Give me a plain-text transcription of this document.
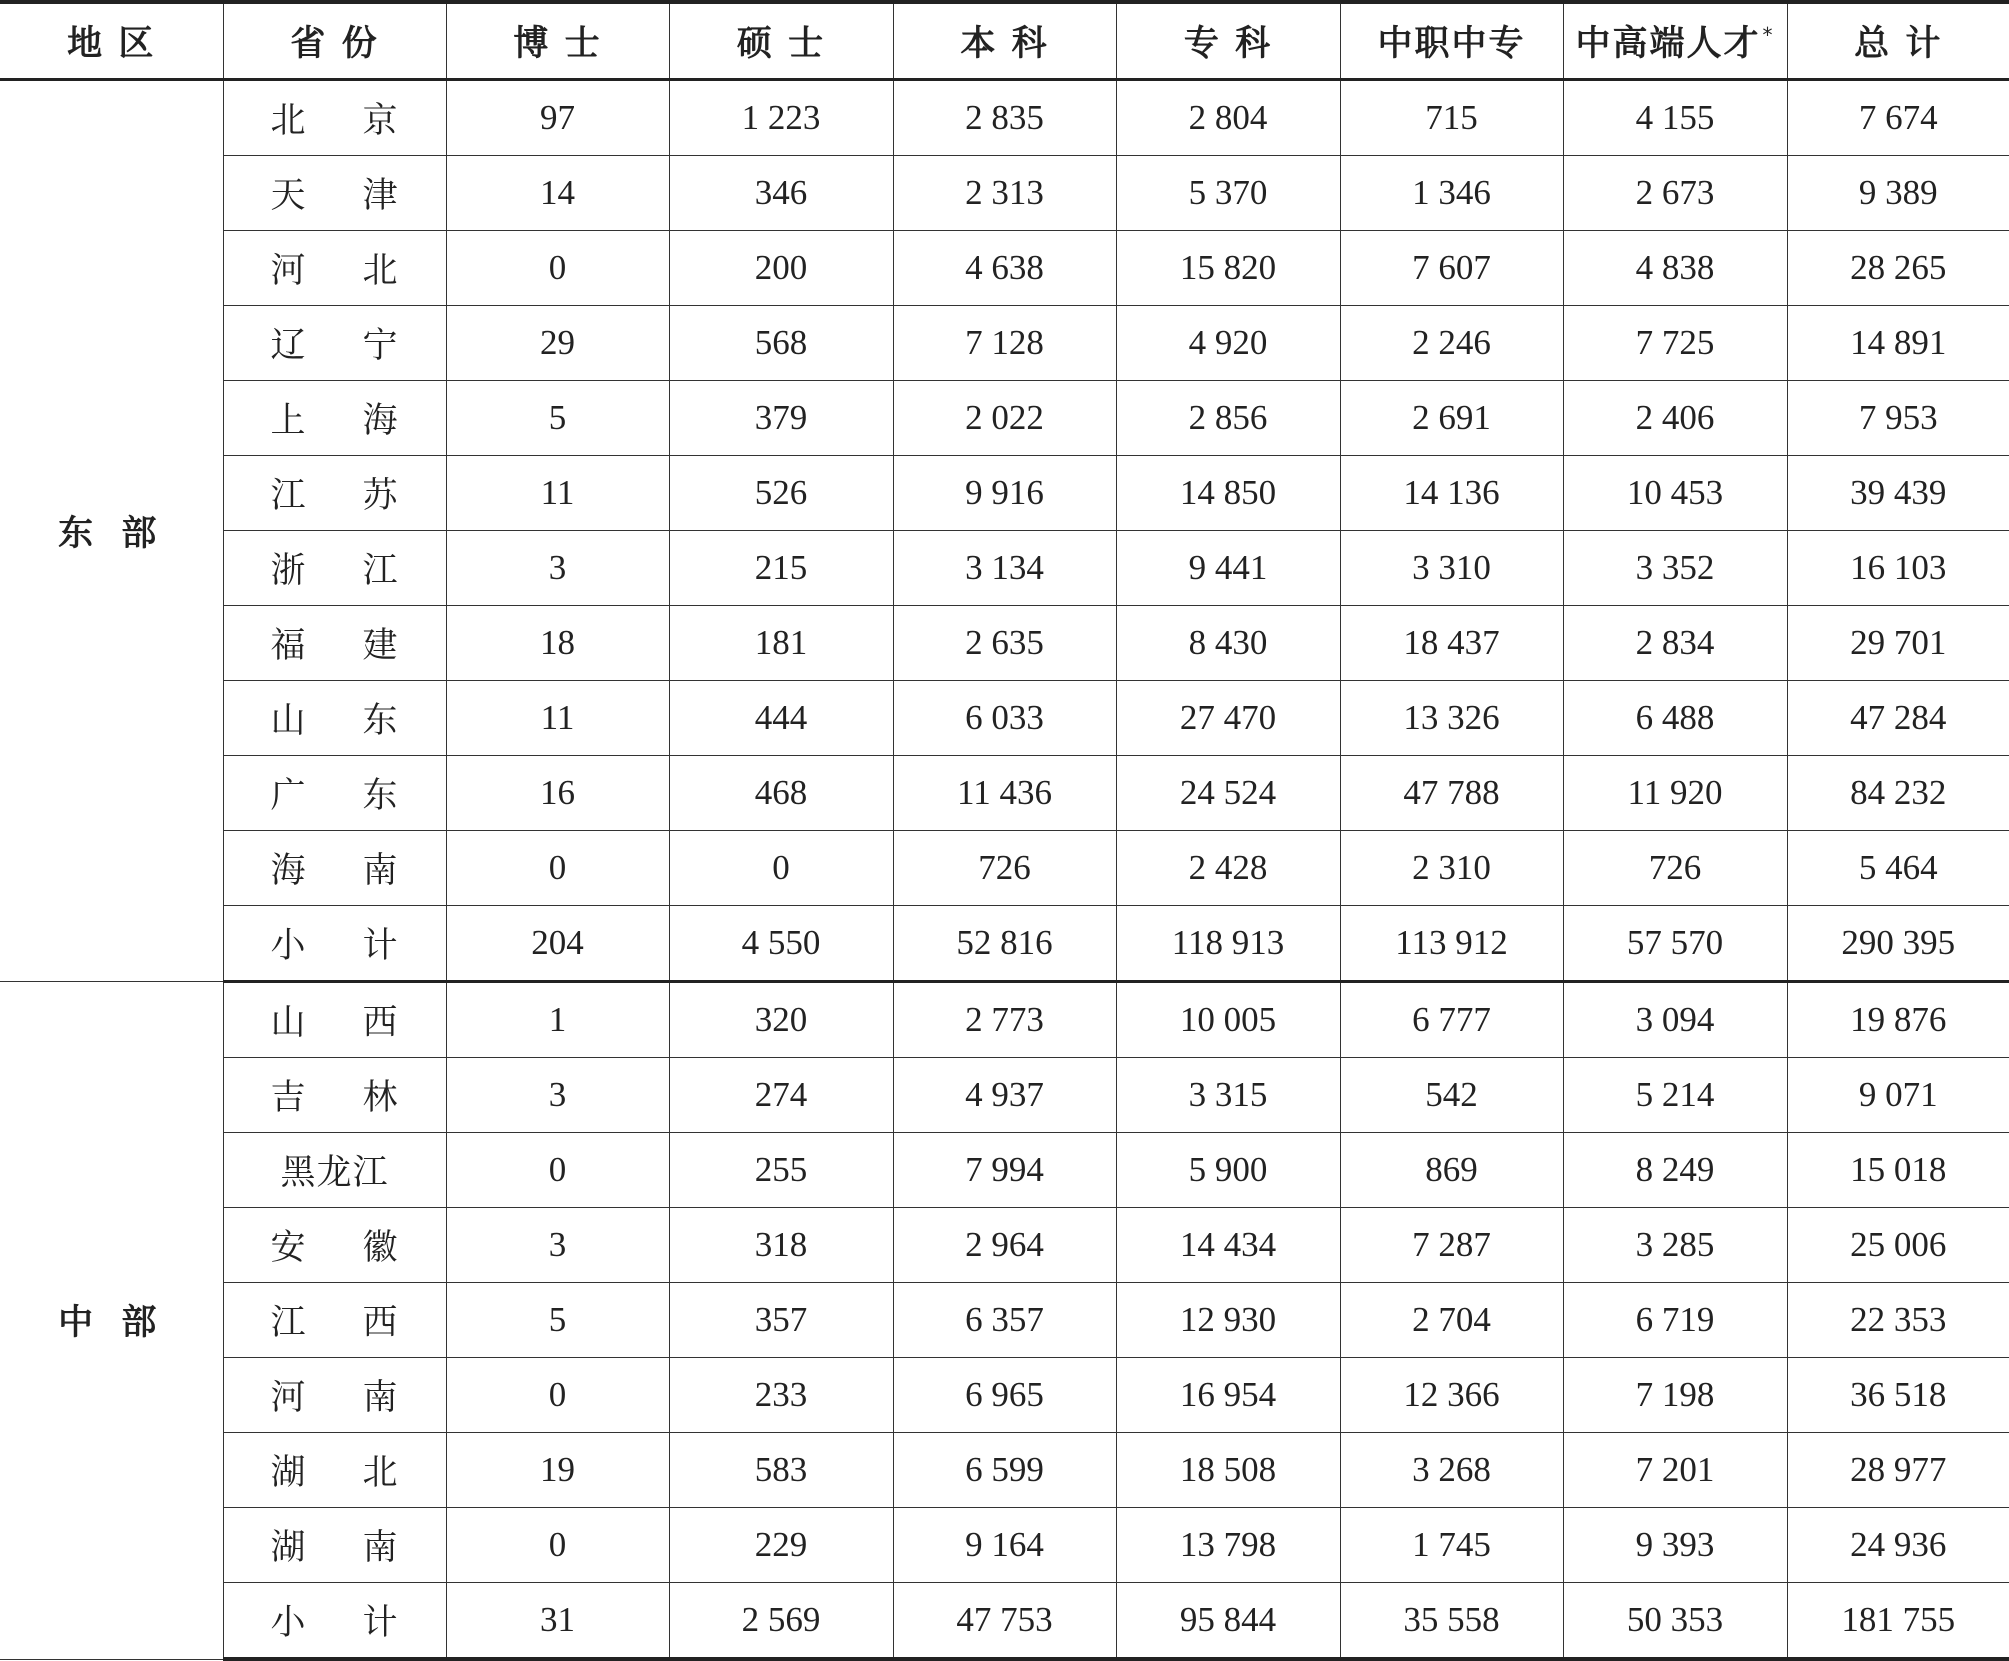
地 区	省 份	博 士	硕 士	本 科	专 科	中职中专	中高端人才 *	总 计
东 部	北 京	97	1 223	2 835	2 804	715	4 155	7 674
	天 津	14	346	2 313	5 370	1 346	2 673	9 389
	河 北	0	200	4 638	15 820	7 607	4 838	28 265
	辽 宁	29	568	7 128	4 920	2 246	7 725	14 891
	上 海	5	379	2 022	2 856	2 691	2 406	7 953
	江 苏	11	526	9 916	14 850	14 136	10 453	39 439
	浙 江	3	215	3 134	9 441	3 310	3 352	16 103
	福 建	18	181	2 635	8 430	18 437	2 834	29 701
	山 东	11	444	6 033	27 470	13 326	6 488	47 284
	广 东	16	468	11 436	24 524	47 788	11 920	84 232
	海 南	0	0	726	2 428	2 310	726	5 464
	小 计	204	4 550	52 816	118 913	113 912	57 570	290 395
中 部	山 西	1	320	2 773	10 005	6 777	3 094	19 876
	吉 林	3	274	4 937	3 315	542	5 214	9 071
	黑龙江	0	255	7 994	5 900	869	8 249	15 018
	安 徽	3	318	2 964	14 434	7 287	3 285	25 006
	江 西	5	357	6 357	12 930	2 704	6 719	22 353
	河 南	0	233	6 965	16 954	12 366	7 198	36 518
	湖 北	19	583	6 599	18 508	3 268	7 201	28 977
	湖 南	0	229	9 164	13 798	1 745	9 393	24 936
	小 计	31	2 569	47 753	95 844	35 558	50 353	181 755
